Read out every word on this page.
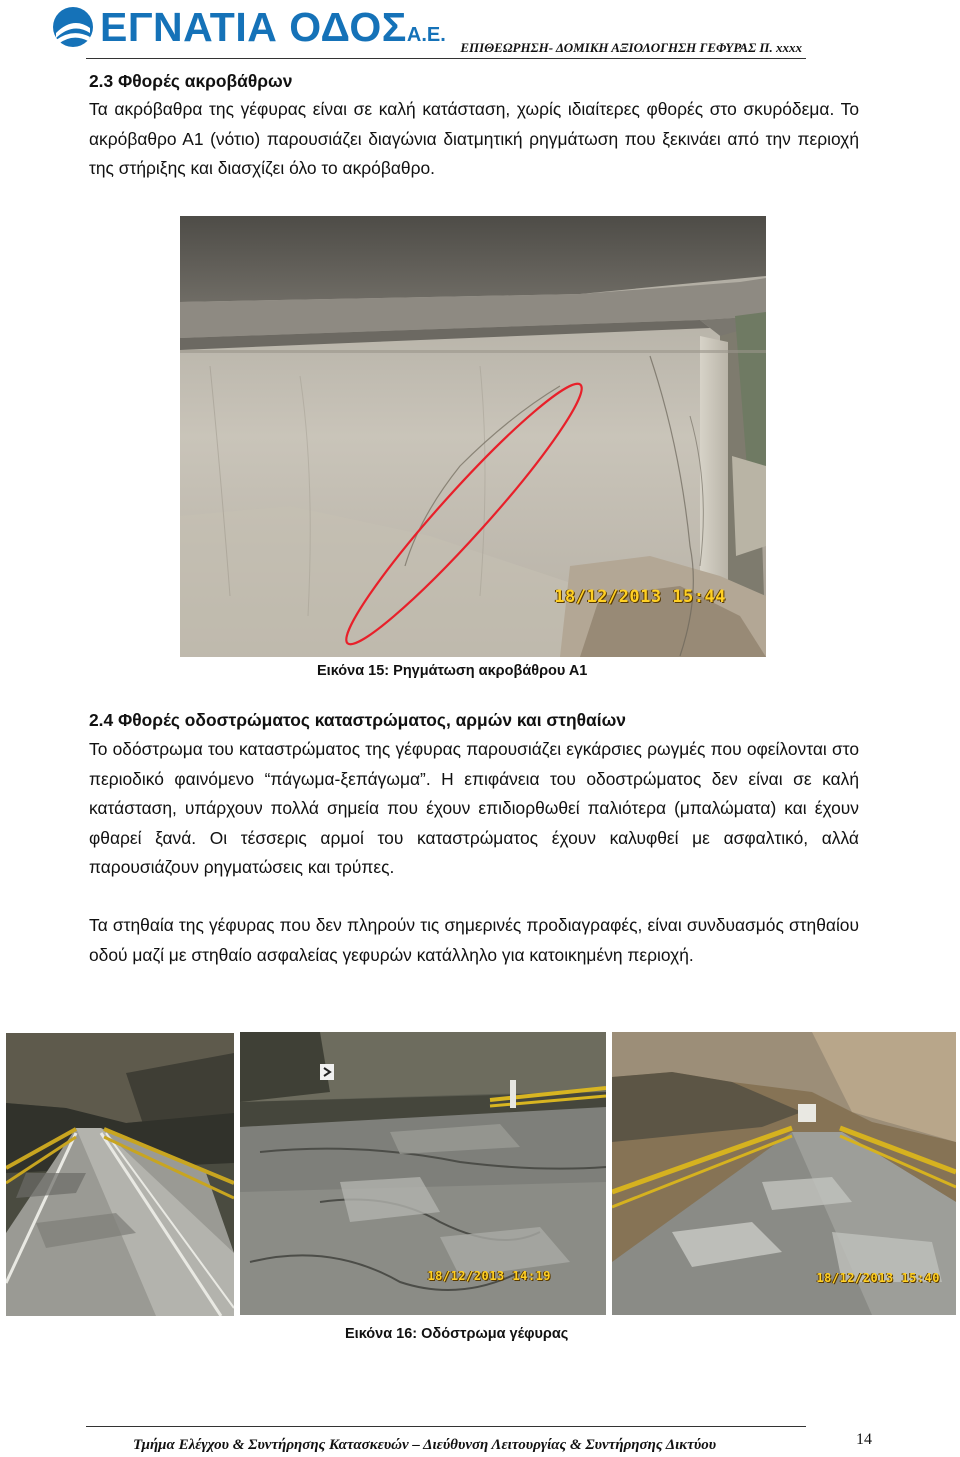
ΕΓΝΑΤΙΑ ΟΔΟΣΑ.Ε.
ΕΠΙΘΕΩΡΗΣΗ- ΔΟΜΙΚΗ ΑΞΙΟΛΟΓΗΣΗ ΓΕΦΥΡΑΣ Π. xxxx
2.3 Φθορές ακροβάθρων
Τα ακρόβαθρα της γέφυρας είναι σε καλή κατάσταση, χωρίς ιδιαίτερες φθορές στο σκυρόδεμα. Το ακρόβαθρο Α1 (νότιο) παρουσιάζει διαγώνια διατμητική ρηγμάτωση που ξεκινάει από την περιοχή της στήριξης και διασχίζει όλο το ακρόβαθρο.
18/12/2013 15:44
Εικόνα 15: Ρηγμάτωση ακροβάθρου Α1
2.4 Φθορές οδοστρώματος καταστρώματος, αρμών και στηθαίων
Το οδόστρωμα του καταστρώματος της γέφυρας παρουσιάζει εγκάρσιες ρωγμές που οφείλονται στο περιοδικό φαινόμενο “πάγωμα-ξεπάγωμα”. Η επιφάνεια του οδοστρώματος δεν είναι σε καλή κατάσταση, υπάρχουν πολλά σημεία που έχουν επιδιορθωθεί παλιότερα (μπαλώματα) και έχουν φθαρεί ξανά. Οι τέσσερις αρμοί του καταστρώματος έχουν καλυφθεί με ασφαλτικό, αλλά παρουσιάζουν ρηγματώσεις και τρύπες.
Τα στηθαία της γέφυρας που δεν πληρούν τις σημερινές προδιαγραφές, είναι συνδυασμός στηθαίου οδού μαζί με στηθαίο ασφαλείας γεφυρών κατάλληλο για κατοικημένη περιοχή.
18/12/2013 14:19	18/12/2013 15:40
Εικόνα 16: Οδόστρωμα γέφυρας
Τμήμα Ελέγχου & Συντήρησης Κατασκευών – Διεύθυνση Λειτουργίας & Συντήρησης Δικτύου	14
